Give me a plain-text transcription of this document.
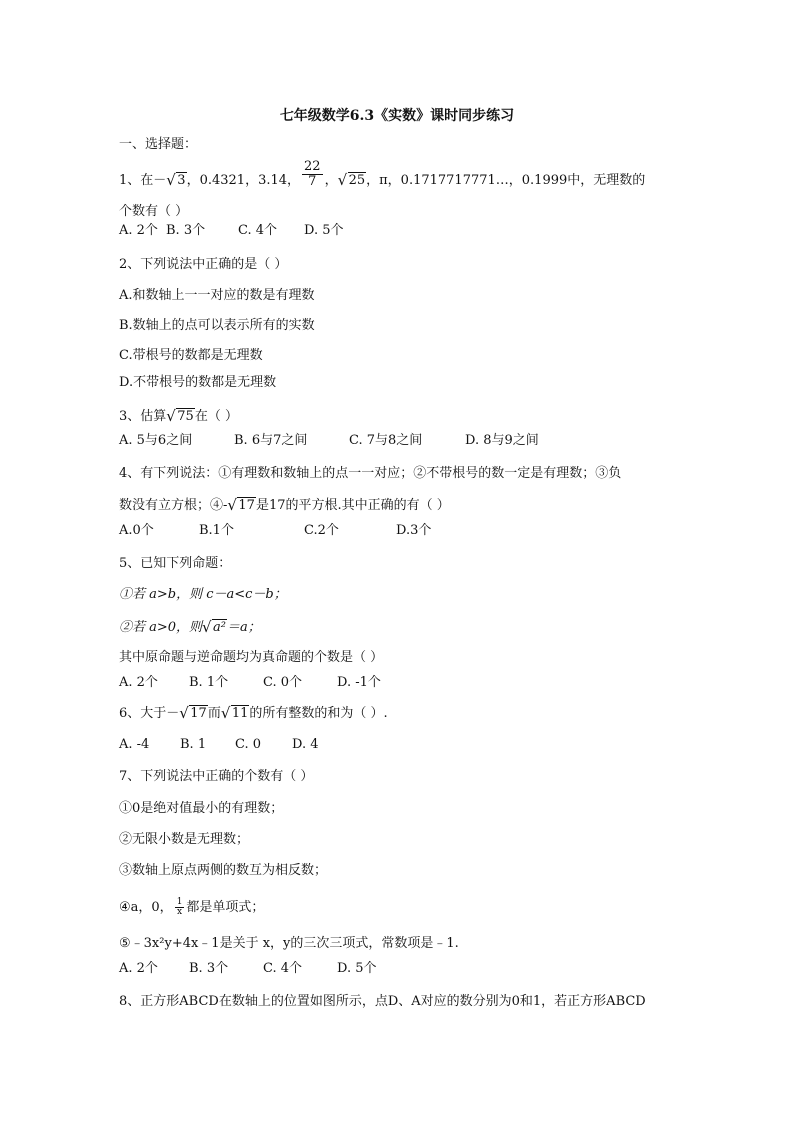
七年级数学6.3《实数》课时同步练习
一、选择题：
1、在－ √ 3，0.4321，3.14， $\frac{22}{7}$ ， √ 25，π，0.1717717771…，0.1999中，无理数的
个数有（ ）
A. 2个 B. 3个	C. 4个 D. 5个
2、下列说法中正确的是（ ）
A.和数轴上一一对应的数是有理数
B.数轴上的点可以表示所有的实数
C.带根号的数都是无理数
D.不带根号的数都是无理数
3、估算 √ 75在（ ）
A. 5与6之间	B. 6与7之间	C. 7与8之间	D. 8与9之间
4、有下列说法：①有理数和数轴上的点一一对应；②不带根号的数一定是有理数；③负
数没有立方根；④- √ 17是17的平方根.其中正确的有（ ）
A.0个	B.1个	C.2个	D.3个
5、已知下列命题：
①若 a>b，则 c－a<c－b；
②若 a>0，则 √ a²＝a；
其中原命题与逆命题均为真命题的个数是（ ）
A. 2个 B. 1个	C. 0个	D. -1个
6、大于－ √ 17而 √ 11的所有整数的和为（ ）.
A. -4 B. 1 C. 0 D. 4
7、下列说法中正确的个数有（ ）
①0是绝对值最小的有理数；
②无限小数是无理数；
③数轴上原点两侧的数互为相反数；
④a，0， $\frac{1}{x}$ 都是单项式；
⑤﹣3x²y+4x﹣1是关于 x，y的三次三项式，常数项是﹣1.
A. 2个 B. 3个	C. 4个	D. 5个
8、正方形ABCD在数轴上的位置如图所示，点D、A对应的数分别为0和1，若正方形ABCD
